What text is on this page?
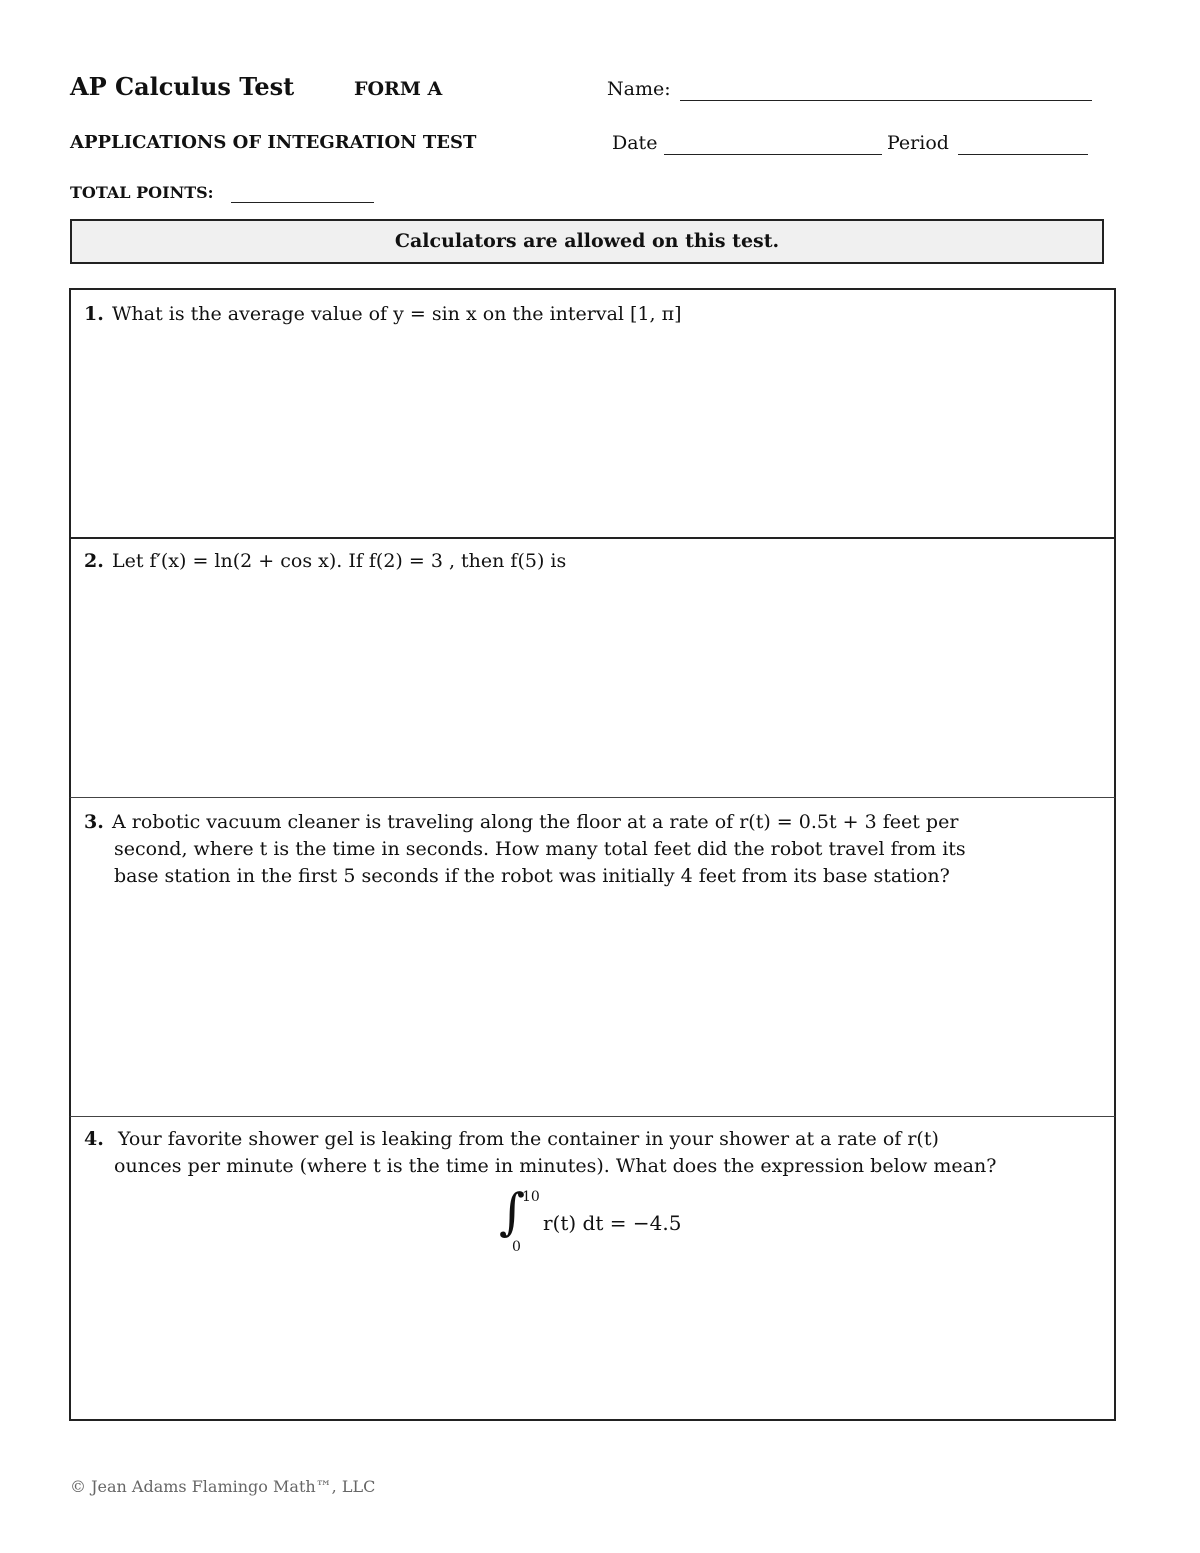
AP Calculus Test	FORM A	Name:
APPLICATIONS OF INTEGRATION TEST	Date	Period
TOTAL POINTS:
Calculators are allowed on this test.
1. What is the average value of y = sin x on the interval [1, π]
2. Let f′(x) = ln(2 + cos x). If f(2) = 3 , then f(5) is
3. A robotic vacuum cleaner is traveling along the floor at a rate of r(t) = 0.5t + 3 feet per
second, where t is the time in seconds. How many total feet did the robot travel from its
base station in the first 5 seconds if the robot was initially 4 feet from its base station?
4. Your favorite shower gel is leaking from the container in your shower at a rate of r(t)
ounces per minute (where t is the time in minutes). What does the expression below mean?
∫
10
0
r(t) dt = −4.5
© Jean Adams Flamingo Math™, LLC
